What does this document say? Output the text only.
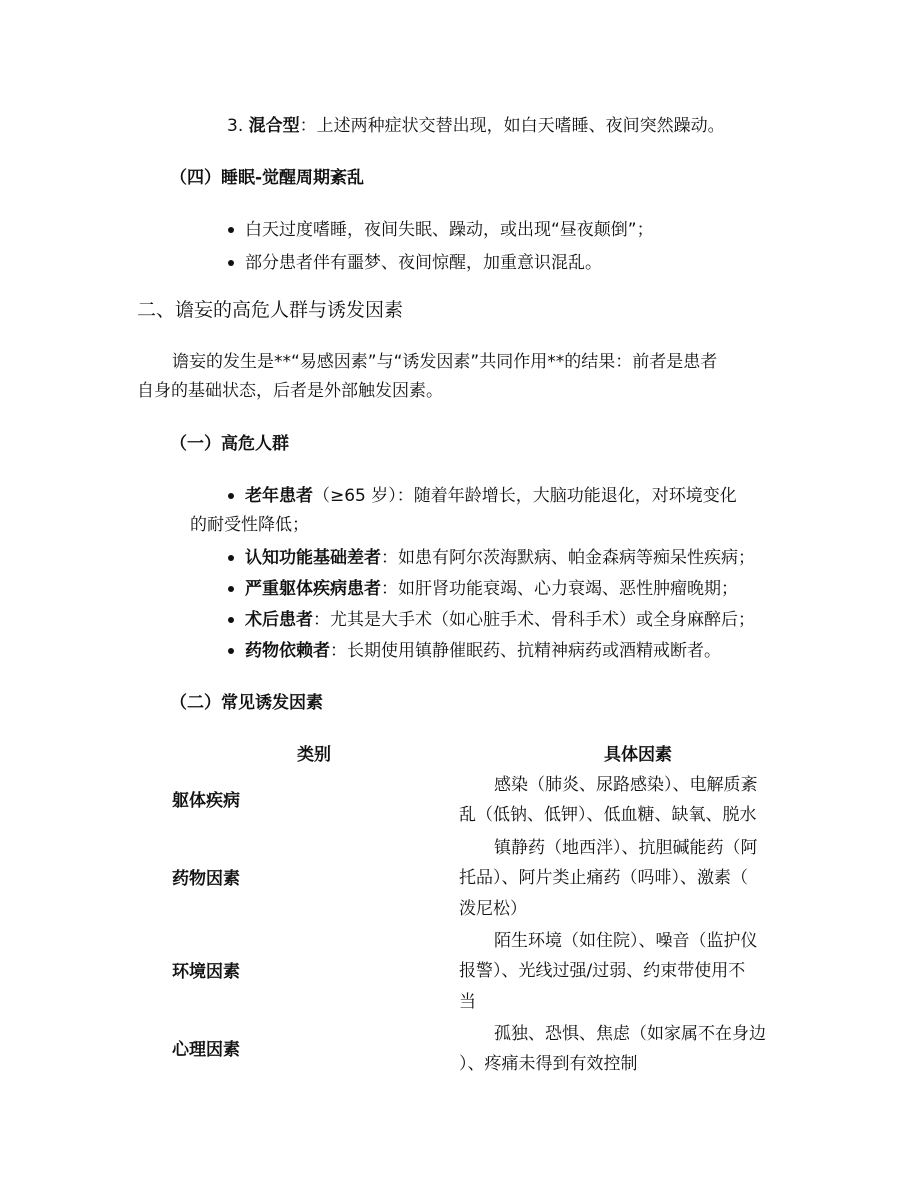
3. 混合型：上述两种症状交替出现，如白天嗜睡、夜间突然躁动。
（四）睡眠-觉醒周期紊乱
白天过度嗜睡，夜间失眠、躁动，或出现“昼夜颠倒”；
部分患者伴有噩梦、夜间惊醒，加重意识混乱。
二、谵妄的高危人群与诱发因素
谵妄的发生是**“易感因素”与“诱发因素”共同作用**的结果：前者是患者
自身的基础状态，后者是外部触发因素。
（一）高危人群
老年患者（≥65 岁）：随着年龄增长，大脑功能退化，对环境变化
的耐受性降低；
认知功能基础差者：如患有阿尔茨海默病、帕金森病等痴呆性疾病；
严重躯体疾病患者：如肝肾功能衰竭、心力衰竭、恶性肿瘤晚期；
术后患者：尤其是大手术（如心脏手术、骨科手术）或全身麻醉后；
药物依赖者：长期使用镇静催眠药、抗精神病药或酒精戒断者。
（二）常见诱发因素
类别	具体因素
躯体疾病
感染（肺炎、尿路感染）、电解质紊
乱（低钠、低钾）、低血糖、缺氧、脱水
药物因素
镇静药（地西泮）、抗胆碱能药（阿
托品）、阿片类止痛药（吗啡）、激素（
泼尼松）
环境因素
陌生环境（如住院）、噪音（监护仪
报警）、光线过强/过弱、约束带使用不
当
心理因素
孤独、恐惧、焦虑（如家属不在身边
）、疼痛未得到有效控制
